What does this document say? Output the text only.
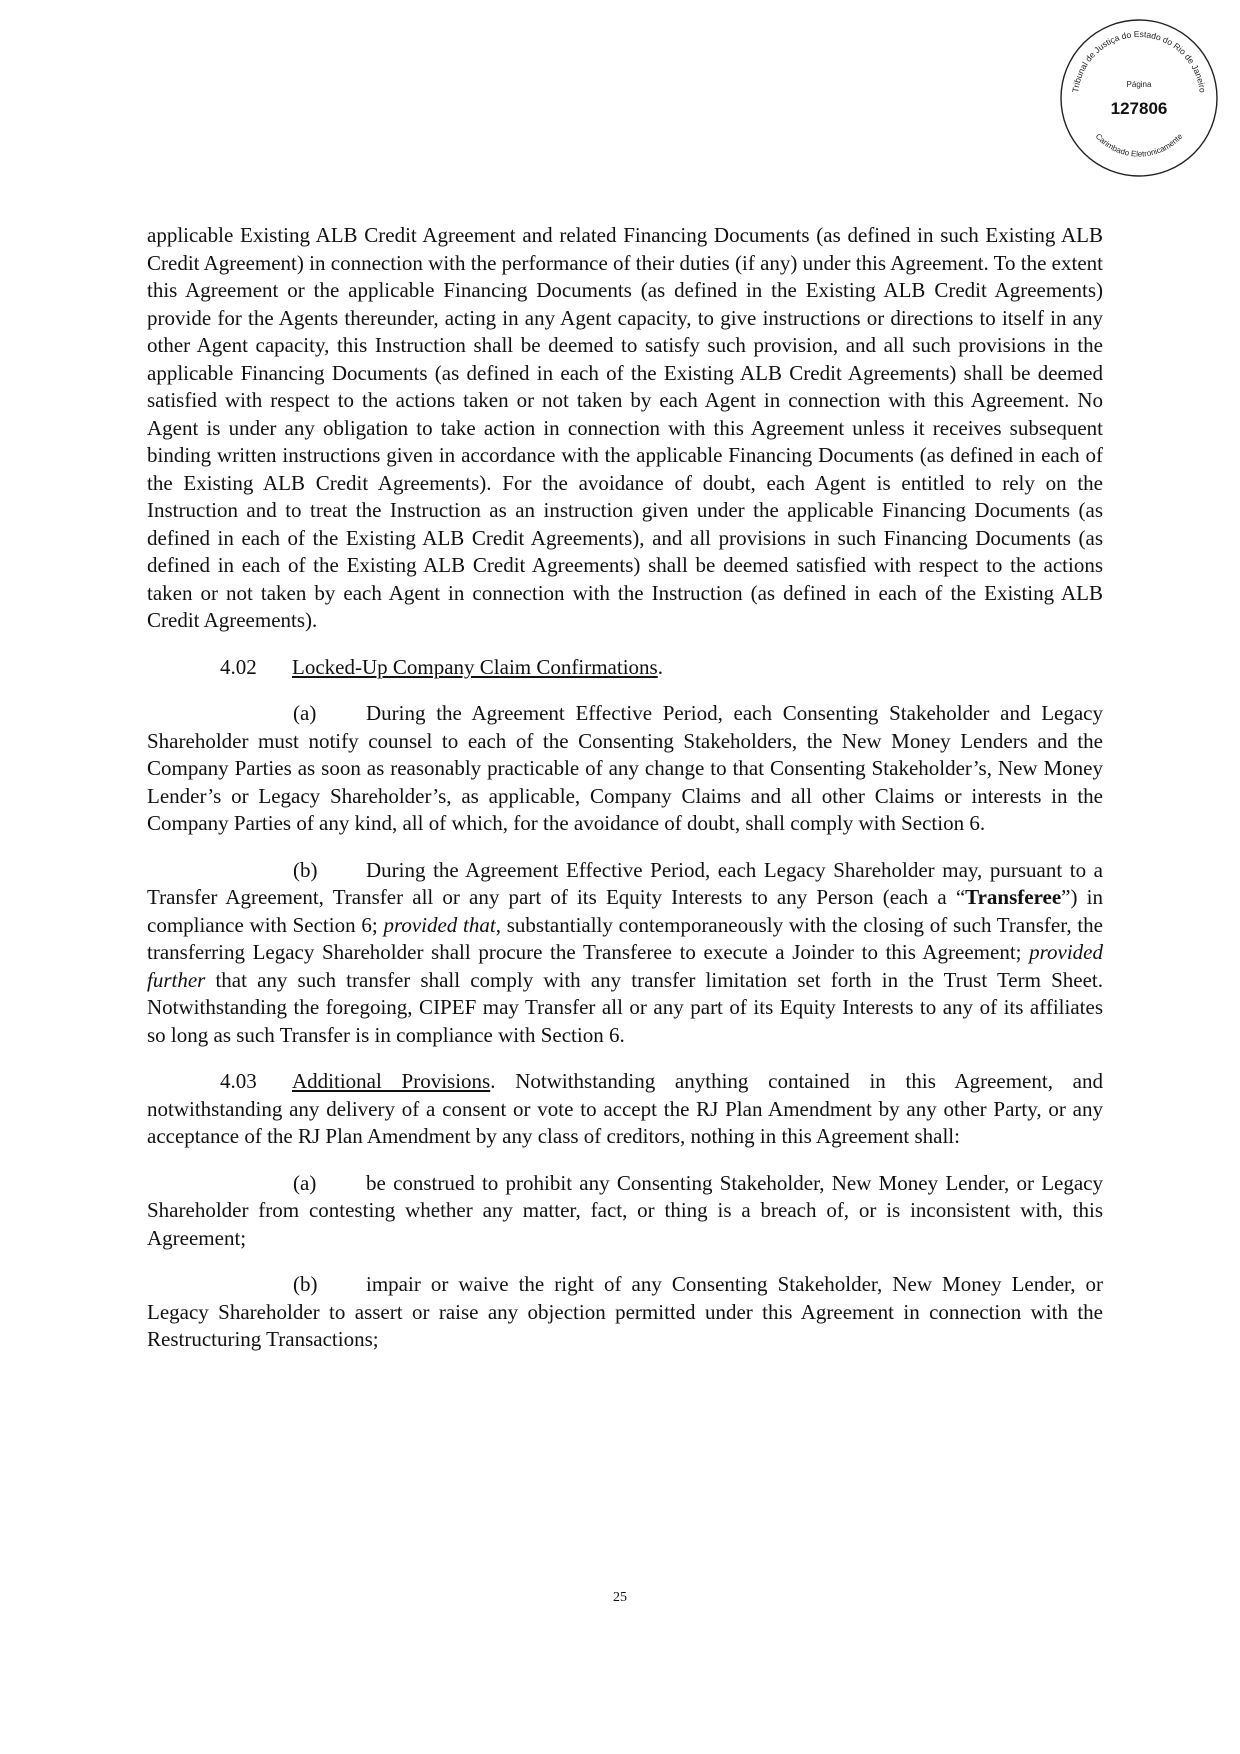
Tribunal de Justiça do Estado do Rio de Janeiro
Página
127806
Carimbado Eletronicamente

applicable Existing ALB Credit Agreement and related Financing Documents (as defined in such Existing ALB Credit Agreement) in connection with the performance of their duties (if any) under this Agreement. To the extent this Agreement or the applicable Financing Documents (as defined in the Existing ALB Credit Agreements) provide for the Agents thereunder, acting in any Agent capacity, to give instructions or directions to itself in any other Agent capacity, this Instruction shall be deemed to satisfy such provision, and all such provisions in the applicable Financing Documents (as defined in each of the Existing ALB Credit Agreements) shall be deemed satisfied with respect to the actions taken or not taken by each Agent in connection with this Agreement. No Agent is under any obligation to take action in connection with this Agreement unless it receives subsequent binding written instructions given in accordance with the applicable Financing Documents (as defined in each of the Existing ALB Credit Agreements). For the avoidance of doubt, each Agent is entitled to rely on the Instruction and to treat the Instruction as an instruction given under the applicable Financing Documents (as defined in each of the Existing ALB Credit Agreements), and all provisions in such Financing Documents (as defined in each of the Existing ALB Credit Agreements) shall be deemed satisfied with respect to the actions taken or not taken by each Agent in connection with the Instruction (as defined in each of the Existing ALB Credit Agreements).

4.02 Locked-Up Company Claim Confirmations.

(a) During the Agreement Effective Period, each Consenting Stakeholder and Legacy Shareholder must notify counsel to each of the Consenting Stakeholders, the New Money Lenders and the Company Parties as soon as reasonably practicable of any change to that Consenting Stakeholder’s, New Money Lender’s or Legacy Shareholder’s, as applicable, Company Claims and all other Claims or interests in the Company Parties of any kind, all of which, for the avoidance of doubt, shall comply with Section 6.

(b) During the Agreement Effective Period, each Legacy Shareholder may, pursuant to a Transfer Agreement, Transfer all or any part of its Equity Interests to any Person (each a “Transferee”) in compliance with Section 6; provided that, substantially contemporaneously with the closing of such Transfer, the transferring Legacy Shareholder shall procure the Transferee to execute a Joinder to this Agreement; provided further that any such transfer shall comply with any transfer limitation set forth in the Trust Term Sheet. Notwithstanding the foregoing, CIPEF may Transfer all or any part of its Equity Interests to any of its affiliates so long as such Transfer is in compliance with Section 6.

4.03 Additional Provisions. Notwithstanding anything contained in this Agreement, and notwithstanding any delivery of a consent or vote to accept the RJ Plan Amendment by any other Party, or any acceptance of the RJ Plan Amendment by any class of creditors, nothing in this Agreement shall:

(a) be construed to prohibit any Consenting Stakeholder, New Money Lender, or Legacy Shareholder from contesting whether any matter, fact, or thing is a breach of, or is inconsistent with, this Agreement;

(b) impair or waive the right of any Consenting Stakeholder, New Money Lender, or Legacy Shareholder to assert or raise any objection permitted under this Agreement in connection with the Restructuring Transactions;

25
